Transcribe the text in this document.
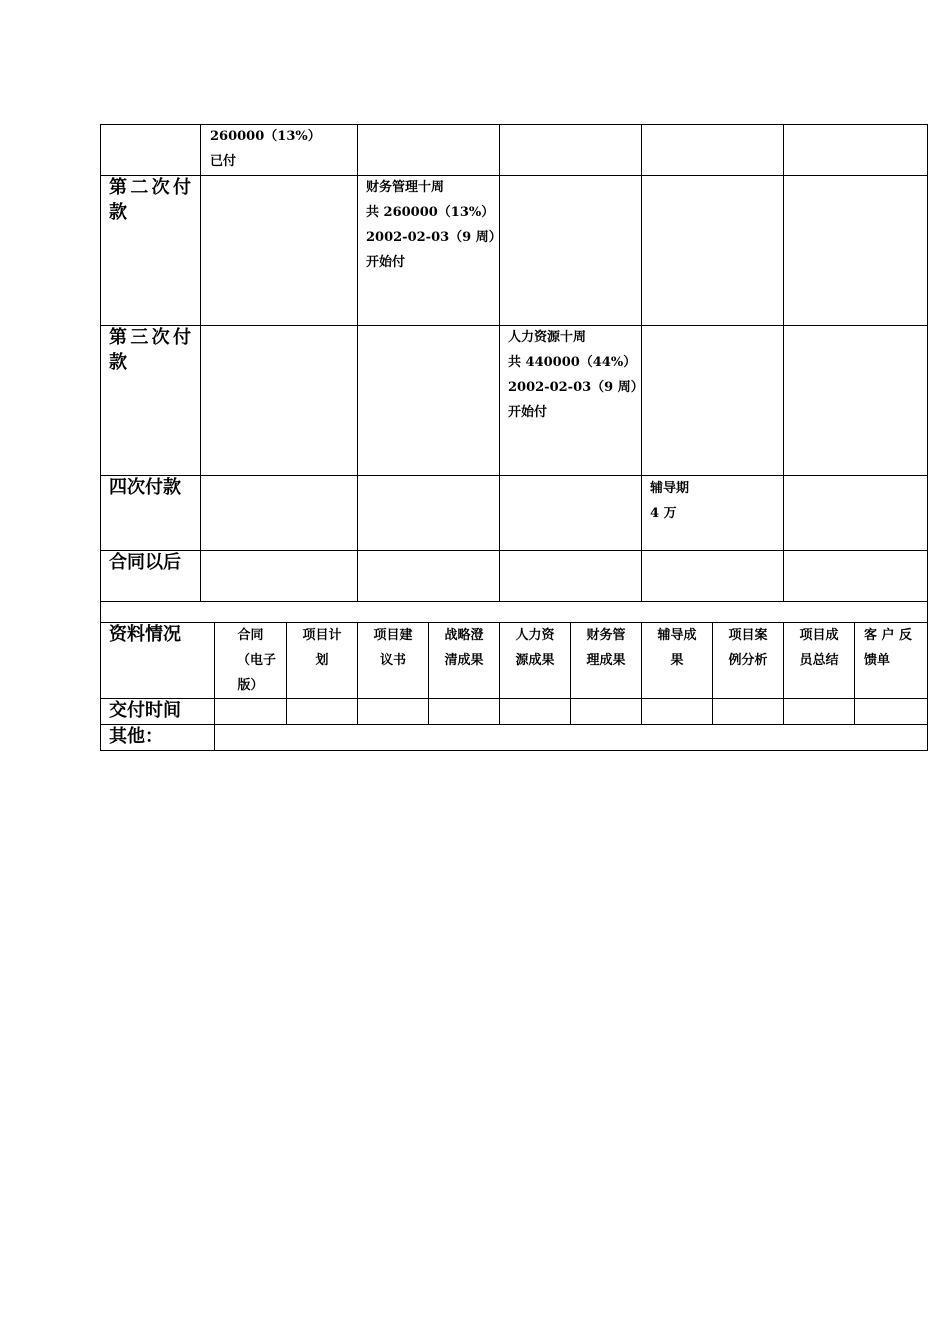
260000（13%）
已付
第二次付款
财务管理十周
共 260000（13%）
2002-02-03（9 周）
开始付
第三次付款
人力资源十周
共 440000（44%）
2002-02-03（9 周）
开始付
四次付款	辅导期
4 万
合同以后
资料情况	合同
（电子
版）
项目计
划
项目建
议书
战略澄
清成果
人力资
源成果
财务管
理成果
辅导成
果
项目案
例分析
项目成
员总结
客 户 反
馈单
交付时间
其他：
